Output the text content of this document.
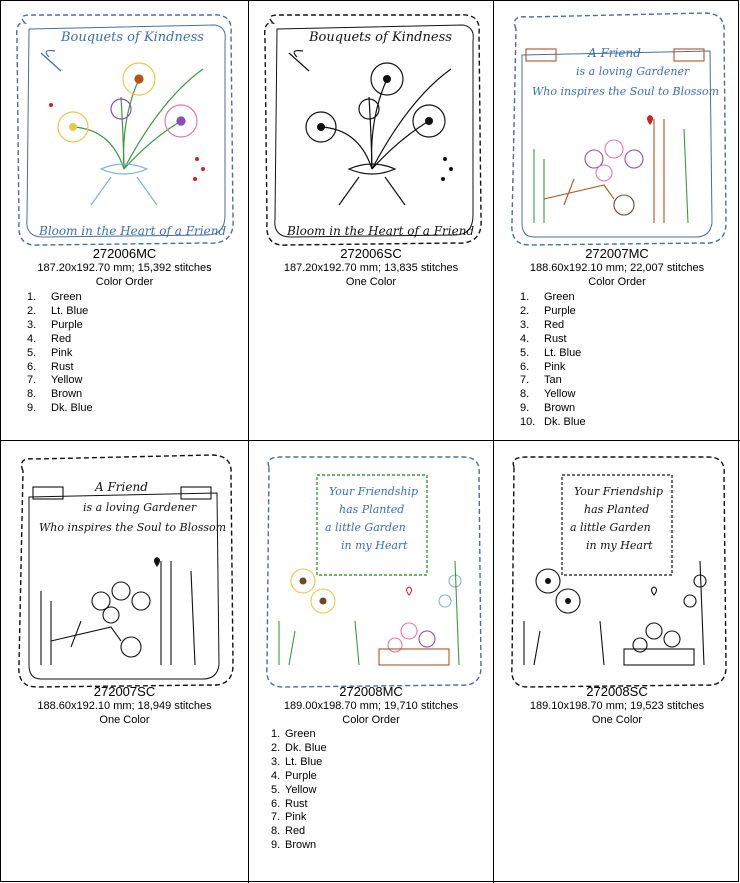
Bouquets of Kindness
Bloom in the Heart of a Friend
272006MC
187.20x192.70 mm; 15,392 stitches
Color Order
1.	Green
2.	Lt. Blue
3.	Purple
4.	Red
5.	Pink
6.	Rust
7.	Yellow
8.	Brown
9.	Dk. Blue
Bouquets of Kindness
Bloom in the Heart of a Friend
272006SC
187.20x192.70 mm; 13,835 stitches
One Color
A Friend
is a loving Gardener
Who inspires the Soul to Blossom
272007MC
188.60x192.10 mm; 22,007 stitches
Color Order
1.	Green
2.	Purple
3.	Red
4.	Rust
5.	Lt. Blue
6.	Pink
7.	Tan
8.	Yellow
9.	Brown
10. Dk. Blue
A Friend
is a loving Gardener
Who inspires the Soul to Blossom
272007SC
188.60x192.10 mm; 18,949 stitches
One Color
Your Friendship
has Planted
a little Garden
in my Heart
272008MC
189.00x198.70 mm; 19,710 stitches
Color Order
1. Green
2. Dk. Blue
3. Lt. Blue
4. Purple
5. Yellow
6. Rust
7. Pink
8. Red
9. Brown
Your Friendship
has Planted
a little Garden
in my Heart
272008SC
189.10x198.70 mm; 19,523 stitches
One Color
